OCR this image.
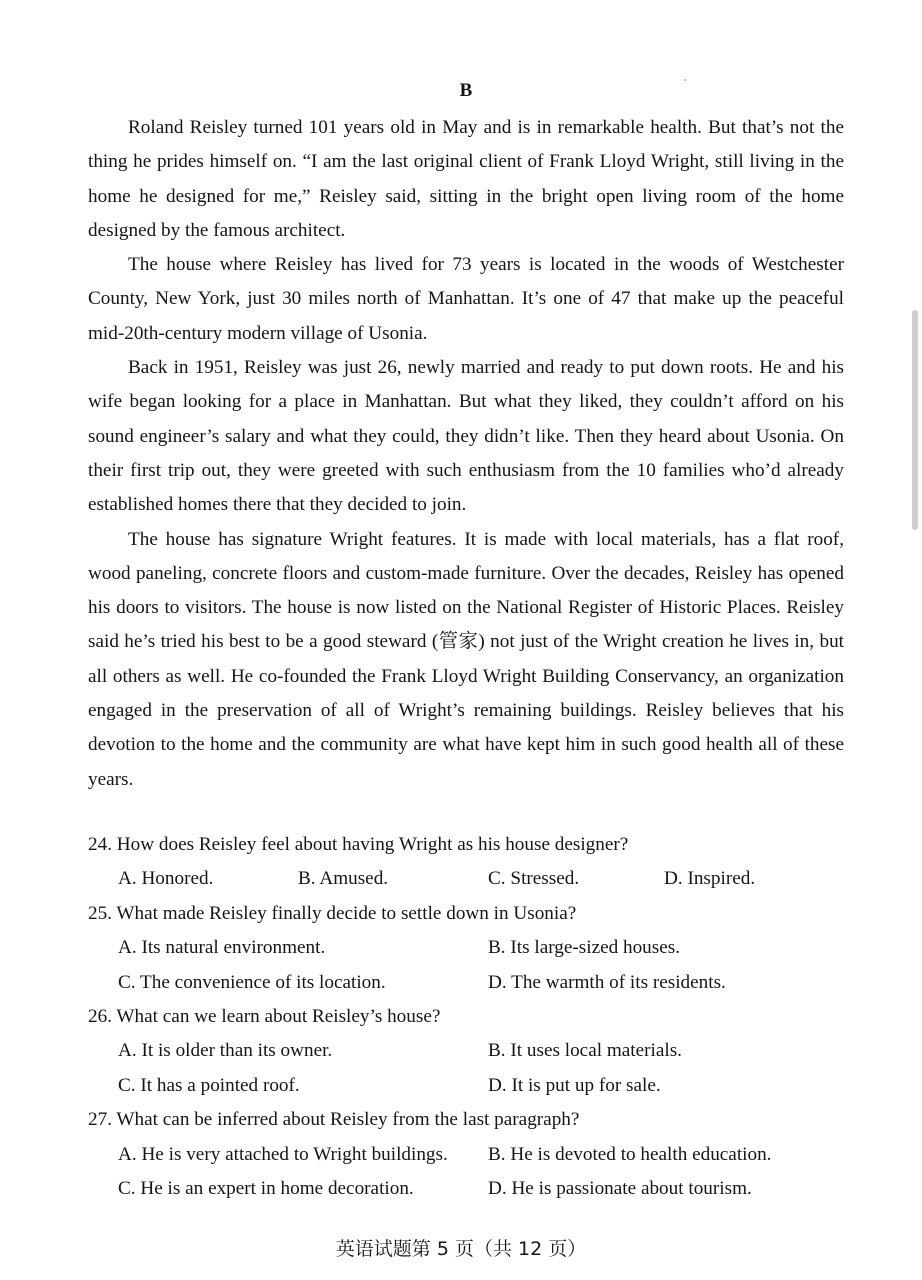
B

Roland Reisley turned 101 years old in May and is in remarkable health. But that’s not the thing he prides himself on. “I am the last original client of Frank Lloyd Wright, still living in the home he designed for me,” Reisley said, sitting in the bright open living room of the home designed by the famous architect.

The house where Reisley has lived for 73 years is located in the woods of Westchester County, New York, just 30 miles north of Manhattan. It’s one of 47 that make up the peaceful mid-20th-century modern village of Usonia.

Back in 1951, Reisley was just 26, newly married and ready to put down roots. He and his wife began looking for a place in Manhattan. But what they liked, they couldn’t afford on his sound engineer’s salary and what they could, they didn’t like. Then they heard about Usonia. On their first trip out, they were greeted with such enthusiasm from the 10 families who’d already established homes there that they decided to join.

The house has signature Wright features. It is made with local materials, has a flat roof, wood paneling, concrete floors and custom-made furniture. Over the decades, Reisley has opened his doors to visitors. The house is now listed on the National Register of Historic Places. Reisley said he’s tried his best to be a good steward (管家) not just of the Wright creation he lives in, but all others as well. He co-founded the Frank Lloyd Wright Building Conservancy, an organization engaged in the preservation of all of Wright’s remaining buildings. Reisley believes that his devotion to the home and the community are what have kept him in such good health all of these years.

24. How does Reisley feel about having Wright as his house designer?
A. Honored.	B. Amused.	C. Stressed.	D. Inspired.
25. What made Reisley finally decide to settle down in Usonia?
A. Its natural environment.	B. Its large-sized houses.
C. The convenience of its location.	D. The warmth of its residents.
26. What can we learn about Reisley’s house?
A. It is older than its owner.	B. It uses local materials.
C. It has a pointed roof.	D. It is put up for sale.
27. What can be inferred about Reisley from the last paragraph?
A. He is very attached to Wright buildings. B. He is devoted to health education.
C. He is an expert in home decoration.	D. He is passionate about tourism.
英语试题第 5 页（共 12 页）
